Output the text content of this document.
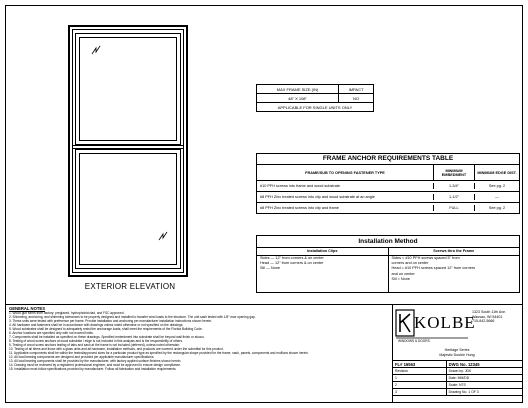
EXTERIOR ELEVATION
MAX FRAME SIZE (IN)	IMPACT
48" X 108"	NO
APPLICABLE FOR SINGLE UNITS ONLY	
FRAME ANCHOR REQUIREMENTS TABLE
FRAME/SUB TO OPENING FASTENER TYPE	MINIMUM EMBEDMENT	MINIMUM EDGE DIST.
#10 PFH screws into frame and wood substrate	1-3/4"	See pg. 2
#8 PFH Zinc treated screws into clip and wood substrate at an angle	1-1/2"	—
#8 PFH Zinc treated screws into clip and frame	FULL	See pg. 2
Installation Method
Installation Clips
Sides — 12" from corners & on center
Head — 12" from corners & on center
Sill — None
Screws thru the Frame
Sides = #10 PFH screws spaced 5" from
corners and on center
Head = #10 PFH screws spaced 12" from corners
and on center
Sill = None
GENERAL NOTES
1. Wood gulf forms from factory: preglazed, hydrophobic/clad, and FSC approved.
2. Shimming, anchoring, and shimming tolerances to be properly designed and installed to transfer wind loads to the structure. The unit sash tested with 1/8" max opening gap.
3. These units were tested with preference per frame. Provide installation and anchoring per manufacturer installation instructions shown herein.
4. All hardware and fasteners shall be in accordance with drawings unless noted otherwise or not specified on the drawings.
5. Wood substrates shall be designed to adequately resist the anchorage loads, shall meet the requirements of the Florida Building Code.
6. Anchor locations are specified only with not exceed limits.
7. Components shall be installed as specified on these drawings. Specified embedment into substrate shall be beyond wall finish or stucco.
8. Testing of wood screw anchors at wood substrate / edge is not included in this analysis and is the responsibility of others.
9. Testing of wood screw anchors testing of tabs and sash at the frame is not included (deferred), unless noted otherwise.
10. Testing of all items and those with a glass units and all hardware, installation methods, and products are covered under the submittal for this product.
11. Applicable components shall be within the tested/approved sizes for a particular product type as specified by the rectangular shape provided for the frame, sash, panels, components and mullions shown herein.
12. All load bearing components are designed and provided per applicable manufacturer specifications.
13. All load bearing components shall be provided by the manufacturer, with factory applied surface finishes shown herein.
14. Drawing must be reviewed by a registered professional engineer, and must be approved to ensure design compliance.
15. Installation must follow specifications provided by manufacturer. Follow all fabrication and installation requirements.
KOLBE
WINDOWS & DOORS
1323 South 11th Ave.
Wausau, WI 54401
715-842-5666
Heritage Series
Majestic Double Hung
FL# 16563	DWG No. 12345
Revision	Drawn by: JDK
1	Date: MM/DD
2	Scale: NTS
3	Drawing No. 1 OF 3
